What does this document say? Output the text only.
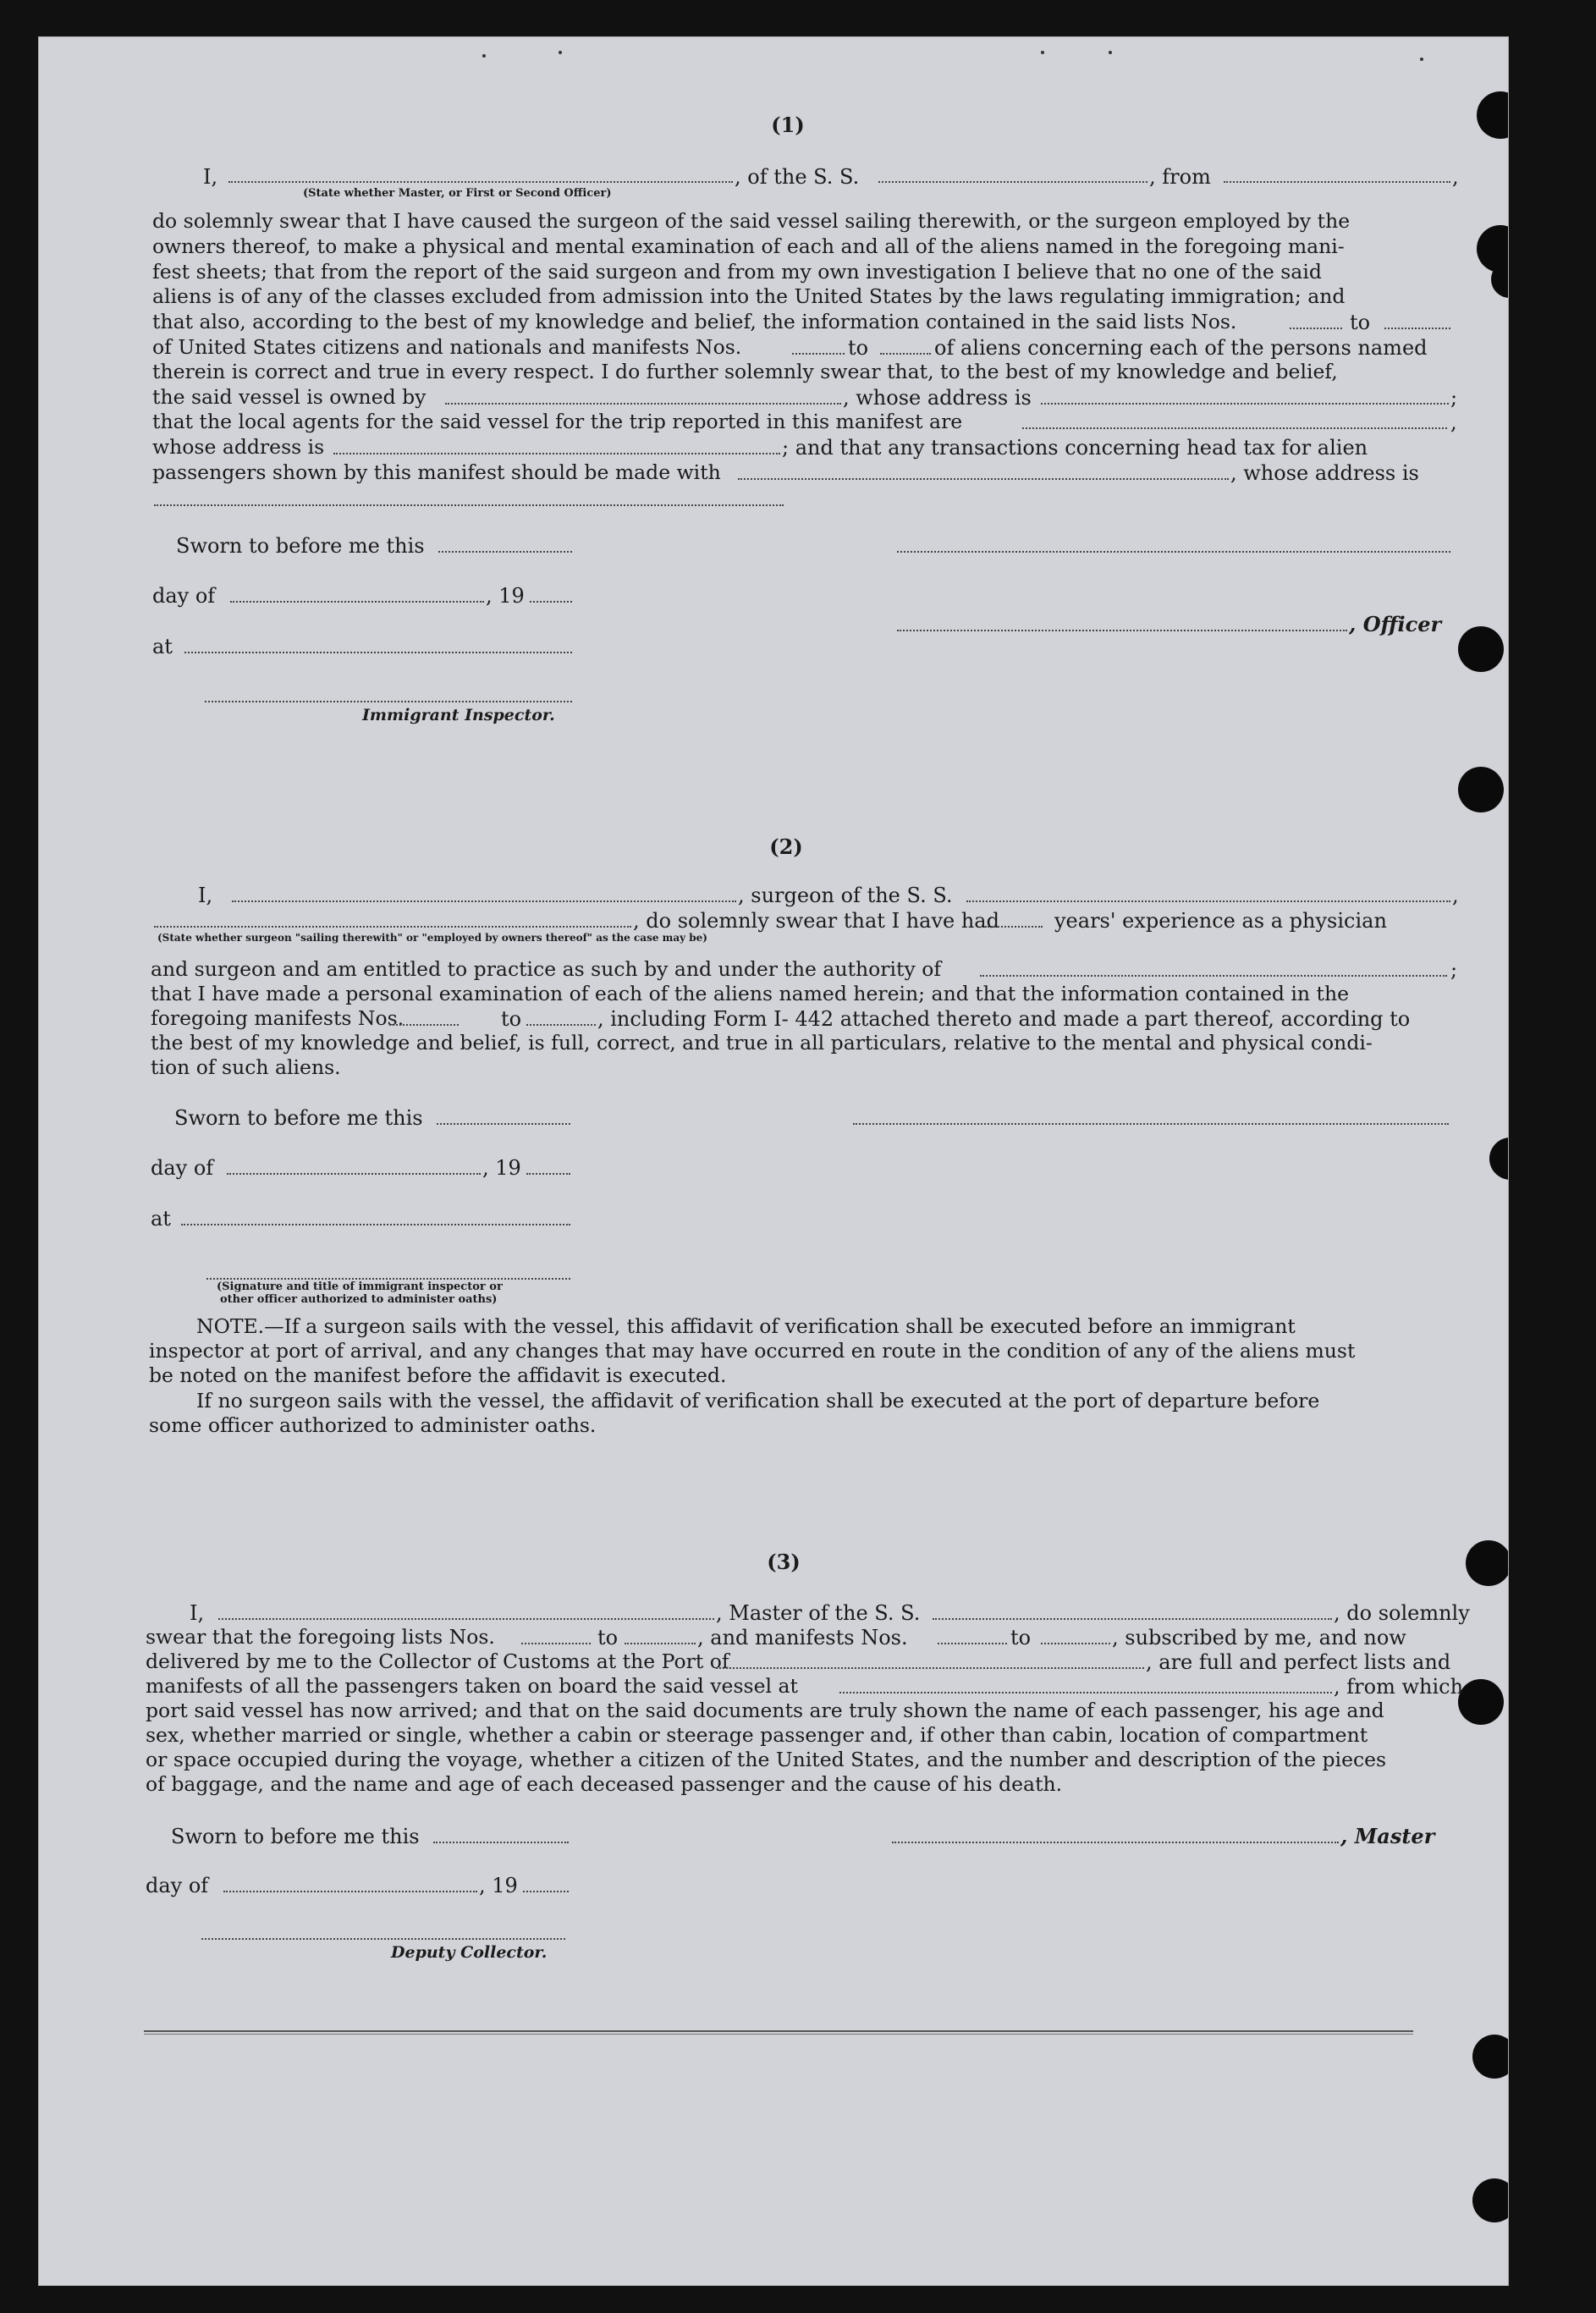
(1)
I,	, of the S. S.	, from	,
(State whether Master, or First or Second Officer)
do solemnly swear that I have caused the surgeon of the said vessel sailing therewith, or the surgeon employed by the
owners thereof, to make a physical and mental examination of each and all of the aliens named in the foregoing mani-
fest sheets; that from the report of the said surgeon and from my own investigation I believe that no one of the said
aliens is of any of the classes excluded from admission into the United States by the laws regulating immigration; and
that also, according to the best of my knowledge and belief, the information contained in the said lists Nos.	to
of United States citizens and nationals and manifests Nos.	to	of aliens concerning each of the persons named
therein is correct and true in every respect. I do further solemnly swear that, to the best of my knowledge and belief,
the said vessel is owned by	, whose address is	;
that the local agents for the said vessel for the trip reported in this manifest are	,
whose address is	; and that any transactions concerning head tax for alien
passengers shown by this manifest should be made with	, whose address is
Sworn to before me this
day of	, 19
, Officer
at
Immigrant Inspector.
(2)
I,	, surgeon of the S. S.	,
, do solemnly swear that I have had	years' experience as a physician
(State whether surgeon "sailing therewith" or "employed by owners thereof" as the case may be)
and surgeon and am entitled to practice as such by and under the authority of	;
that I have made a personal examination of each of the aliens named herein; and that the information contained in the
foregoing manifests Nos.	to	, including Form I- 442 attached thereto and made a part thereof, according to
the best of my knowledge and belief, is full, correct, and true in all particulars, relative to the mental and physical condi-
tion of such aliens.
Sworn to before me this
day of	, 19
at
(Signature and title of immigrant inspector or
other officer authorized to administer oaths)
NOTE.—If a surgeon sails with the vessel, this affidavit of verification shall be executed before an immigrant
inspector at port of arrival, and any changes that may have occurred en route in the condition of any of the aliens must
be noted on the manifest before the affidavit is executed.
If no surgeon sails with the vessel, the affidavit of verification shall be executed at the port of departure before
some officer authorized to administer oaths.
(3)
I,	, Master of the S. S.	, do solemnly
swear that the foregoing lists Nos.	to	, and manifests Nos.	to	, subscribed by me, and now
delivered by me to the Collector of Customs at the Port of	, are full and perfect lists and
manifests of all the passengers taken on board the said vessel at	, from which
port said vessel has now arrived; and that on the said documents are truly shown the name of each passenger, his age and
sex, whether married or single, whether a cabin or steerage passenger and, if other than cabin, location of compartment
or space occupied during the voyage, whether a citizen of the United States, and the number and description of the pieces
of baggage, and the name and age of each deceased passenger and the cause of his death.
Sworn to before me this	, Master
day of	, 19
Deputy Collector.
